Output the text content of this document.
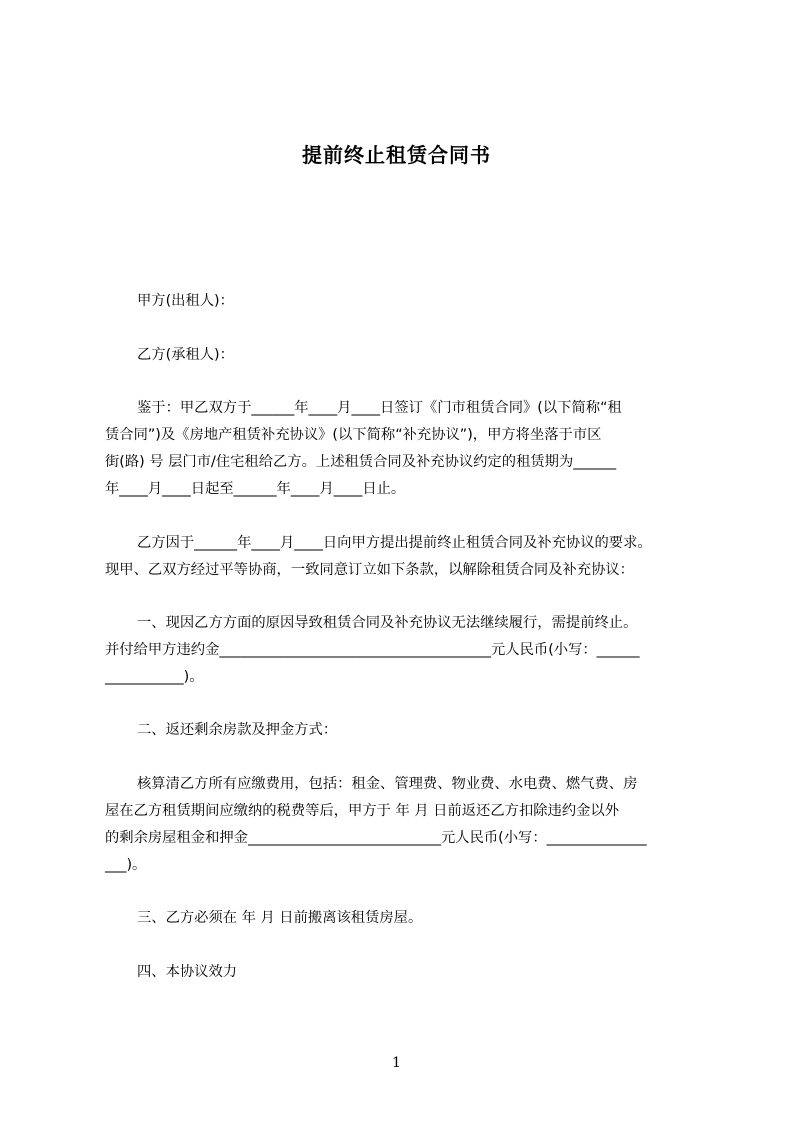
提前终止租赁合同书
甲方(出租人)：
乙方(承租人)：
鉴于：甲乙双方于______年____月____日签订《门市租赁合同》(以下简称“租
赁合同”)及《房地产租赁补充协议》(以下简称“补充协议”)，甲方将坐落于市区
街(路) 号 层门市/住宅租给乙方。上述租赁合同及补充协议约定的租赁期为______
年____月____日起至______年____月____日止。
乙方因于______年____月____日向甲方提出提前终止租赁合同及补充协议的要求。
现甲、乙双方经过平等协商，一致同意订立如下条款，以解除租赁合同及补充协议：
一、现因乙方方面的原因导致租赁合同及补充协议无法继续履行，需提前终止。
并付给甲方违约金______________________________________元人民币(小写：______
___________)。
二、返还剩余房款及押金方式：
核算清乙方所有应缴费用，包括：租金、管理费、物业费、水电费、燃气费、房
屋在乙方租赁期间应缴纳的税费等后，甲方于 年 月 日前返还乙方扣除违约金以外
的剩余房屋租金和押金___________________________元人民币(小写：______________
___)。
三、乙方必须在 年 月 日前搬离该租赁房屋。
四、本协议效力
1
